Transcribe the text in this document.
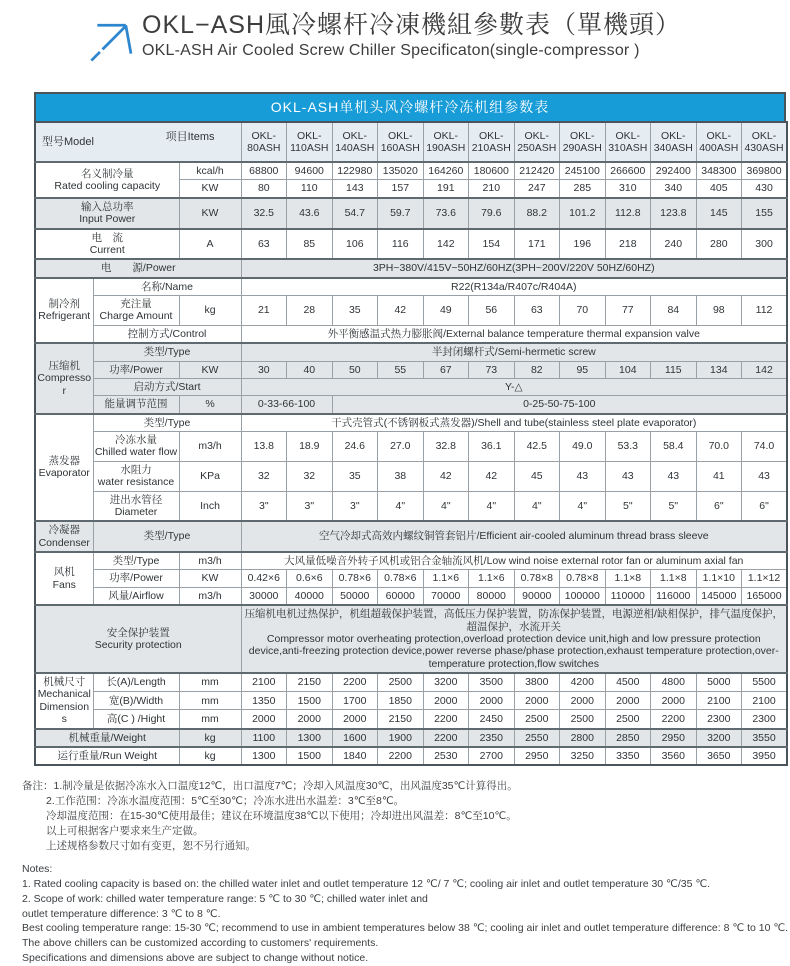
OKL−ASH風冷螺杆冷凍機組參數表（單機頭）
OKL-ASH Air Cooled Screw Chiller Specificaton(single-compressor )
OKL-ASH单机头风冷螺杆冷冻机组参数表
型号Model 项目Items			OKL-
80ASH	OKL-
110ASH	OKL-
140ASH	OKL-
160ASH	OKL-
190ASH	OKL-
210ASH	OKL-
250ASH	OKL-
290ASH	OKL-
310ASH	OKL-
340ASH	OKL-
400ASH	OKL-
430ASH
名义制冷量
Rated cooling capacity		kcal/h	68800	94600	122980	135020	164260	180600	212420	245100	266600	292400	348300	369800
		KW	80	110	143	157	191	210	247	285	310	340	405	430
输入总功率
Input Power		KW	32.5	43.6	54.7	59.7	73.6	79.6	88.2	101.2	112.8	123.8	145	155
电　流
Current		A	63	85	106	116	142	154	171	196	218	240	280	300
电　　源/Power			3PH~380V/415V~50HZ/60HZ(3PH~200V/220V 50HZ/60HZ)											
制冷剂
Refrigerant	名称/Name		R22(R134a/R407c/R404A)											
	充注量
Charge Amount	kg	21	28	35	42	49	56	63	70	77	84	98	112
	控制方式/Control		外平衡感温式热力膨胀阀/External balance temperature thermal expansion valve											
压缩机
Compressor	类型/Type		半封闭螺杆式/Semi-hermetic screw											
	功率/Power	KW	30	40	50	55	67	73	82	95	104	115	134	142
	启动方式/Start		Y-△											
	能量调节范围	%	0-33-66-100		0-25-50-75-100									
蒸发器
Evaporator	类型/Type		干式壳管式(不锈钢板式蒸发器)/Shell and tube(stainless steel plate evaporator)											
	冷冻水量
Chilled water flow	m3/h	13.8	18.9	24.6	27.0	32.8	36.1	42.5	49.0	53.3	58.4	70.0	74.0
	水阻力
water resistance	KPa	32	32	35	38	42	42	45	43	43	43	41	43
	进出水管径
Diameter	Inch	3"	3"	3"	4"	4"	4"	4"	4"	5"	5"	6"	6"
冷凝器
Condenser	类型/Type		空气冷却式高效内螺纹铜管套铝片/Efficient air-cooled aluminum thread brass sleeve											
风机
Fans	类型/Type	m3/h	大风量低噪音外转子风机或铝合金轴流风机/Low wind noise external rotor fan or aluminum axial fan											
	功率/Power	KW	0.42×6	0.6×6	0.78×6	0.78×6	1.1×6	1.1×6	0.78×8	0.78×8	1.1×8	1.1×8	1.1×10	1.1×12
	风量/Airflow	m3/h	30000	40000	50000	60000	70000	80000	90000	100000	110000	116000	145000	165000
安全保护装置
Security protection			压缩机电机过热保护，机组超载保护装置，高低压力保护装置，防冻保护装置，电源逆相/缺相保护，排气温度保护，超温保护，水流开关
Compressor motor overheating protection,overload protection device unit,high and low pressure protection device,anti-freezing protection device,power reverse phase/phase protection,exhaust temperature protection,over-temperature protection,flow switches											
机械尺寸
Mechanical
Dimensions	长(A)/Length	mm	2100	2150	2200	2500	3200	3500	3800	4200	4500	4800	5000	5500
	宽(B)/Width	mm	1350	1500	1700	1850	2000	2000	2000	2000	2000	2000	2100	2100
	高(C ) /Hight	mm	2000	2000	2000	2150	2200	2450	2500	2500	2500	2200	2300	2300
机械重量/Weight		kg	1100	1300	1600	1900	2200	2350	2550	2800	2850	2950	3200	3550
运行重量/Run Weight		kg	1300	1500	1840	2200	2530	2700	2950	3250	3350	3560	3650	3950
备注：1.制冷量是依据冷冻水入口温度12℃，出口温度7℃；冷却入风温度30℃，出风温度35℃计算得出。
2.工作范围：冷冻水温度范围：5℃至30℃；冷冻水进出水温差：3℃至8℃。
冷却温度范围：在15-30℃使用最佳；建议在环境温度38℃以下使用；冷却进出风温差：8℃至10℃。
以上可根据客户要求来生产定做。
上述规格参数尺寸如有变更，恕不另行通知。
Notes:
1. Rated cooling capacity is based on: the chilled water inlet and outlet temperature 12 ℃/ 7 ℃; cooling air inlet and outlet temperature 30 ℃/35 ℃.
2. Scope of work: chilled water temperature range: 5 ℃ to 30 ℃; chilled water inlet and
outlet temperature difference: 3 ℃ to 8 ℃.
Best cooling temperature range: 15-30 ℃; recommend to use in ambient temperatures below 38 ℃; cooling air inlet and outlet temperature difference: 8 ℃ to 10 ℃.
The above chillers can be customized according to customers' requirements.
Specifications and dimensions above are subject to change without notice.
